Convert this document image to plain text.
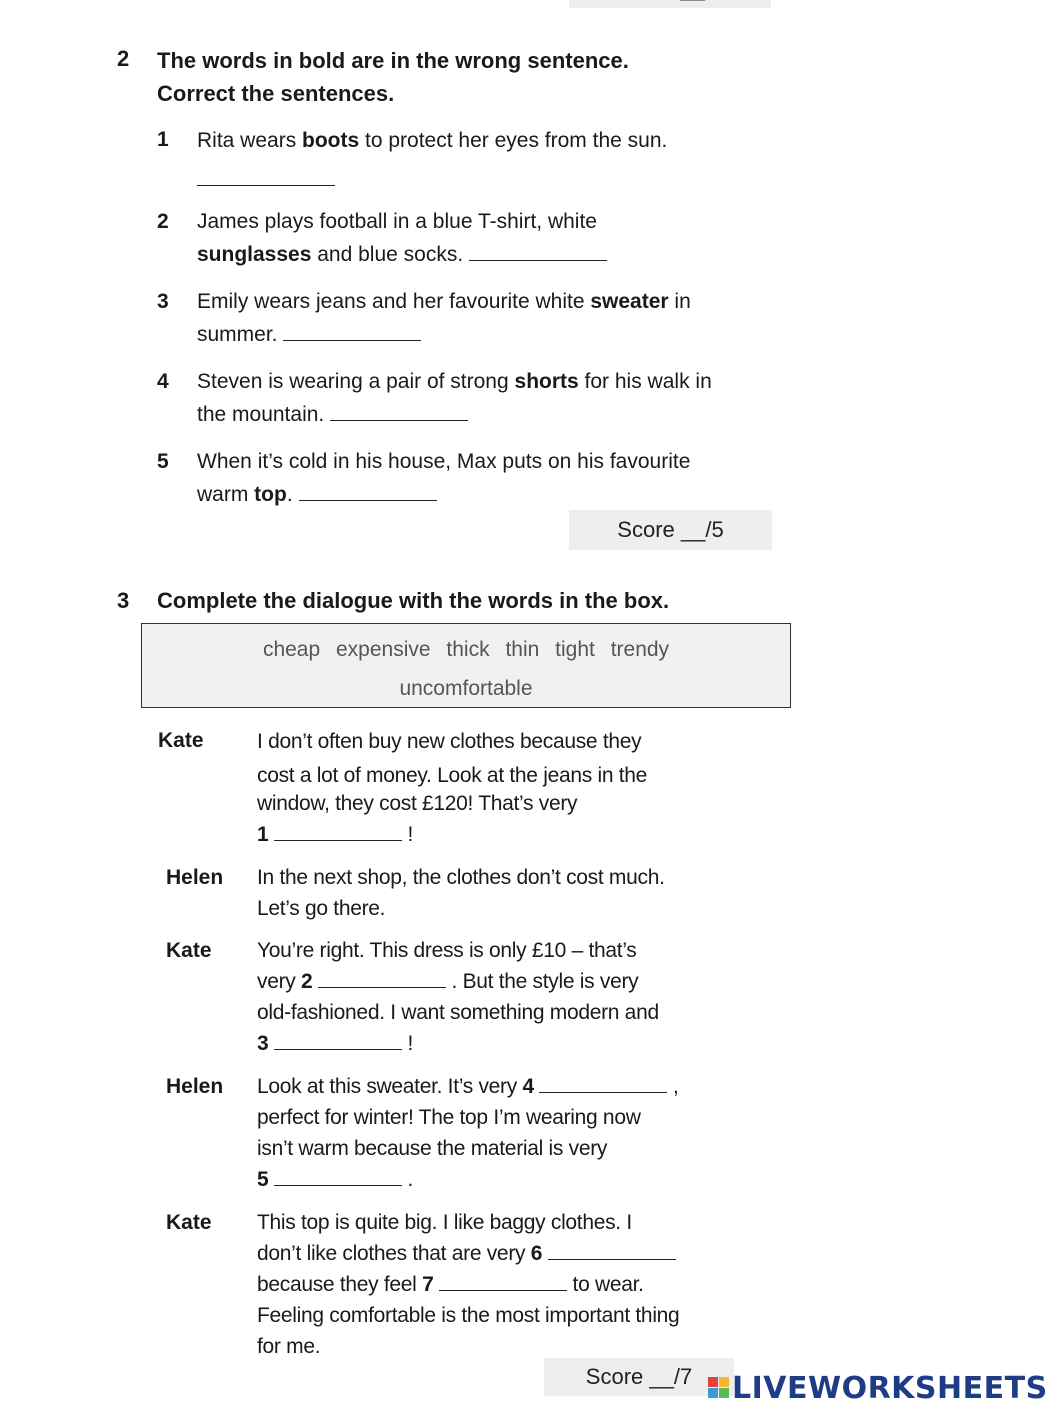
2 The words in bold are in the wrong sentence.
Correct the sentences.
1 Rita wears boots to protect her eyes from the sun.
2 James plays football in a blue T-shirt, white sunglasses and blue socks.
3 Emily wears jeans and her favourite white sweater in summer.
4 Steven is wearing a pair of strong shorts for his walk in the mountain.
5 When it’s cold in his house, Max puts on his favourite warm top.
Score __/5
3 Complete the dialogue with the words in the box.
cheap expensive thick thin tight trendy
uncomfortable
Kate	I don’t often buy new clothes because they
cost a lot of money. Look at the jeans in the
window, they cost £120! That’s very
1	!
Helen In the next shop, the clothes don’t cost much.
Let’s go there.
Kate You’re right. This dress is only £10 – that’s
very 2	. But the style is very
old-fashioned. I want something modern and
3	!
Helen Look at this sweater. It’s very 4	,
perfect for winter! The top I’m wearing now
isn’t warm because the material is very
5	.
Kate This top is quite big. I like baggy clothes. I
don’t like clothes that are very 6
because they feel 7	to wear.
Feeling comfortable is the most important thing
for me.
Score __/7	LIVEWORKSHEETS
